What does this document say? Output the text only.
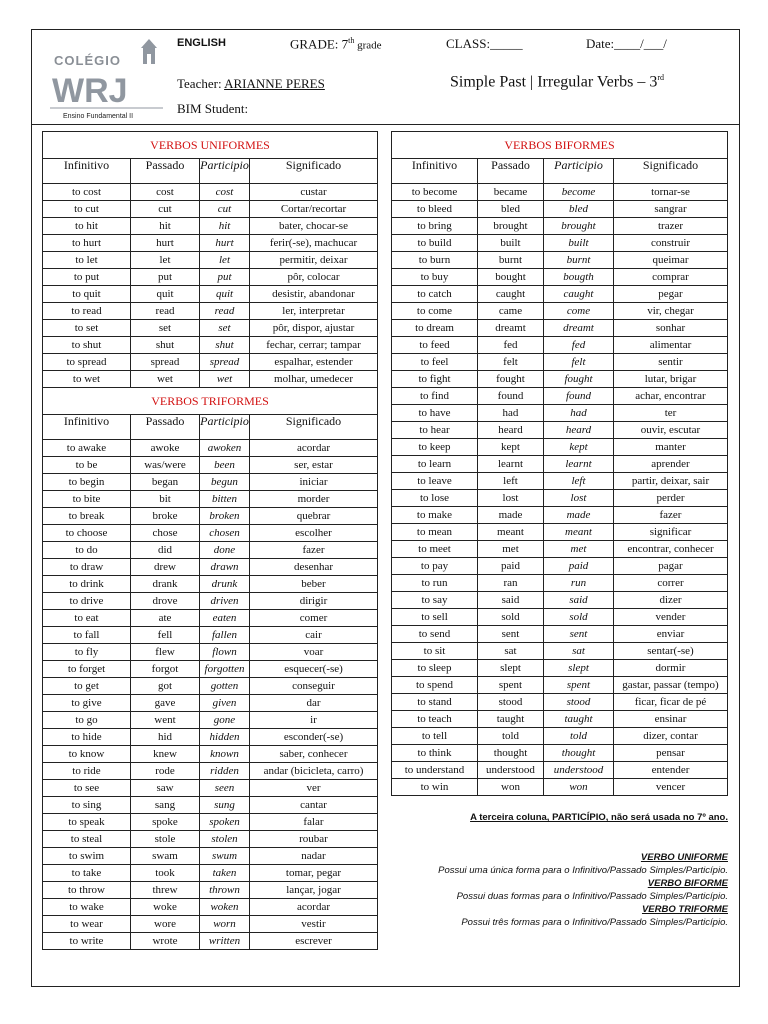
COLÉGIO
WRJ
Ensino Fundamental II
ENGLISH	GRADE: 7th grade	CLASS:_____	Date:____/___/
Teacher: ARIANNE PERES	Simple Past | Irregular Verbs – 3rd
BIM Student:
VERBOS UNIFORMES			
Infinitivo	Passado	Participio	Significado
to cost	cost	cost	custar
to cut	cut	cut	Cortar/recortar
to hit	hit	hit	bater, chocar-se
to hurt	hurt	hurt	ferir(-se), machucar
to let	let	let	permitir, deixar
to put	put	put	pôr, colocar
to quit	quit	quit	desistir, abandonar
to read	read	read	ler, interpretar
to set	set	set	pôr, dispor, ajustar
to shut	shut	shut	fechar, cerrar; tampar
to spread	spread	spread	espalhar, estender
to wet	wet	wet	molhar, umedecer
VERBOS TRIFORMES			
Infinitivo	Passado	Participio	Significado
to awake	awoke	awoken	acordar
to be	was/were	been	ser, estar
to begin	began	begun	iniciar
to bite	bit	bitten	morder
to break	broke	broken	quebrar
to choose	chose	chosen	escolher
to do	did	done	fazer
to draw	drew	drawn	desenhar
to drink	drank	drunk	beber
to drive	drove	driven	dirigir
to eat	ate	eaten	comer
to fall	fell	fallen	cair
to fly	flew	flown	voar
to forget	forgot	forgotten	esquecer(-se)
to get	got	gotten	conseguir
to give	gave	given	dar
to go	went	gone	ir
to hide	hid	hidden	esconder(-se)
to know	knew	known	saber, conhecer
to ride	rode	ridden	andar (bicicleta, carro)
to see	saw	seen	ver
to sing	sang	sung	cantar
to speak	spoke	spoken	falar
to steal	stole	stolen	roubar
to swim	swam	swum	nadar
to take	took	taken	tomar, pegar
to throw	threw	thrown	lançar, jogar
to wake	woke	woken	acordar
to wear	wore	worn	vestir
to write	wrote	written	escrever
VERBOS BIFORMES			
Infinitivo	Passado	Participio	Significado
to become	became	become	tornar-se
to bleed	bled	bled	sangrar
to bring	brought	brought	trazer
to build	built	built	construir
to burn	burnt	burnt	queimar
to buy	bought	bougth	comprar
to catch	caught	caught	pegar
to come	came	come	vir, chegar
to dream	dreamt	dreamt	sonhar
to feed	fed	fed	alimentar
to feel	felt	felt	sentir
to fight	fought	fought	lutar, brigar
to find	found	found	achar, encontrar
to have	had	had	ter
to hear	heard	heard	ouvir, escutar
to keep	kept	kept	manter
to learn	learnt	learnt	aprender
to leave	left	left	partir, deixar, sair
to lose	lost	lost	perder
to make	made	made	fazer
to mean	meant	meant	significar
to meet	met	met	encontrar, conhecer
to pay	paid	paid	pagar
to run	ran	run	correr
to say	said	said	dizer
to sell	sold	sold	vender
to send	sent	sent	enviar
to sit	sat	sat	sentar(-se)
to sleep	slept	slept	dormir
to spend	spent	spent	gastar, passar (tempo)
to stand	stood	stood	ficar, ficar de pé
to teach	taught	taught	ensinar
to tell	told	told	dizer, contar
to think	thought	thought	pensar
to understand	understood	understood	entender
to win	won	won	vencer
A terceira coluna, PARTICÍPIO, não será usada no 7º ano.
VERBO UNIFORME
Possui uma única forma para o Infinitivo/Passado Simples/Particípio.
VERBO BIFORME
Possui duas formas para o Infinitivo/Passado Simples/Particípio.
VERBO TRIFORME
Possui três formas para o Infinitivo/Passado Simples/Particípio.
